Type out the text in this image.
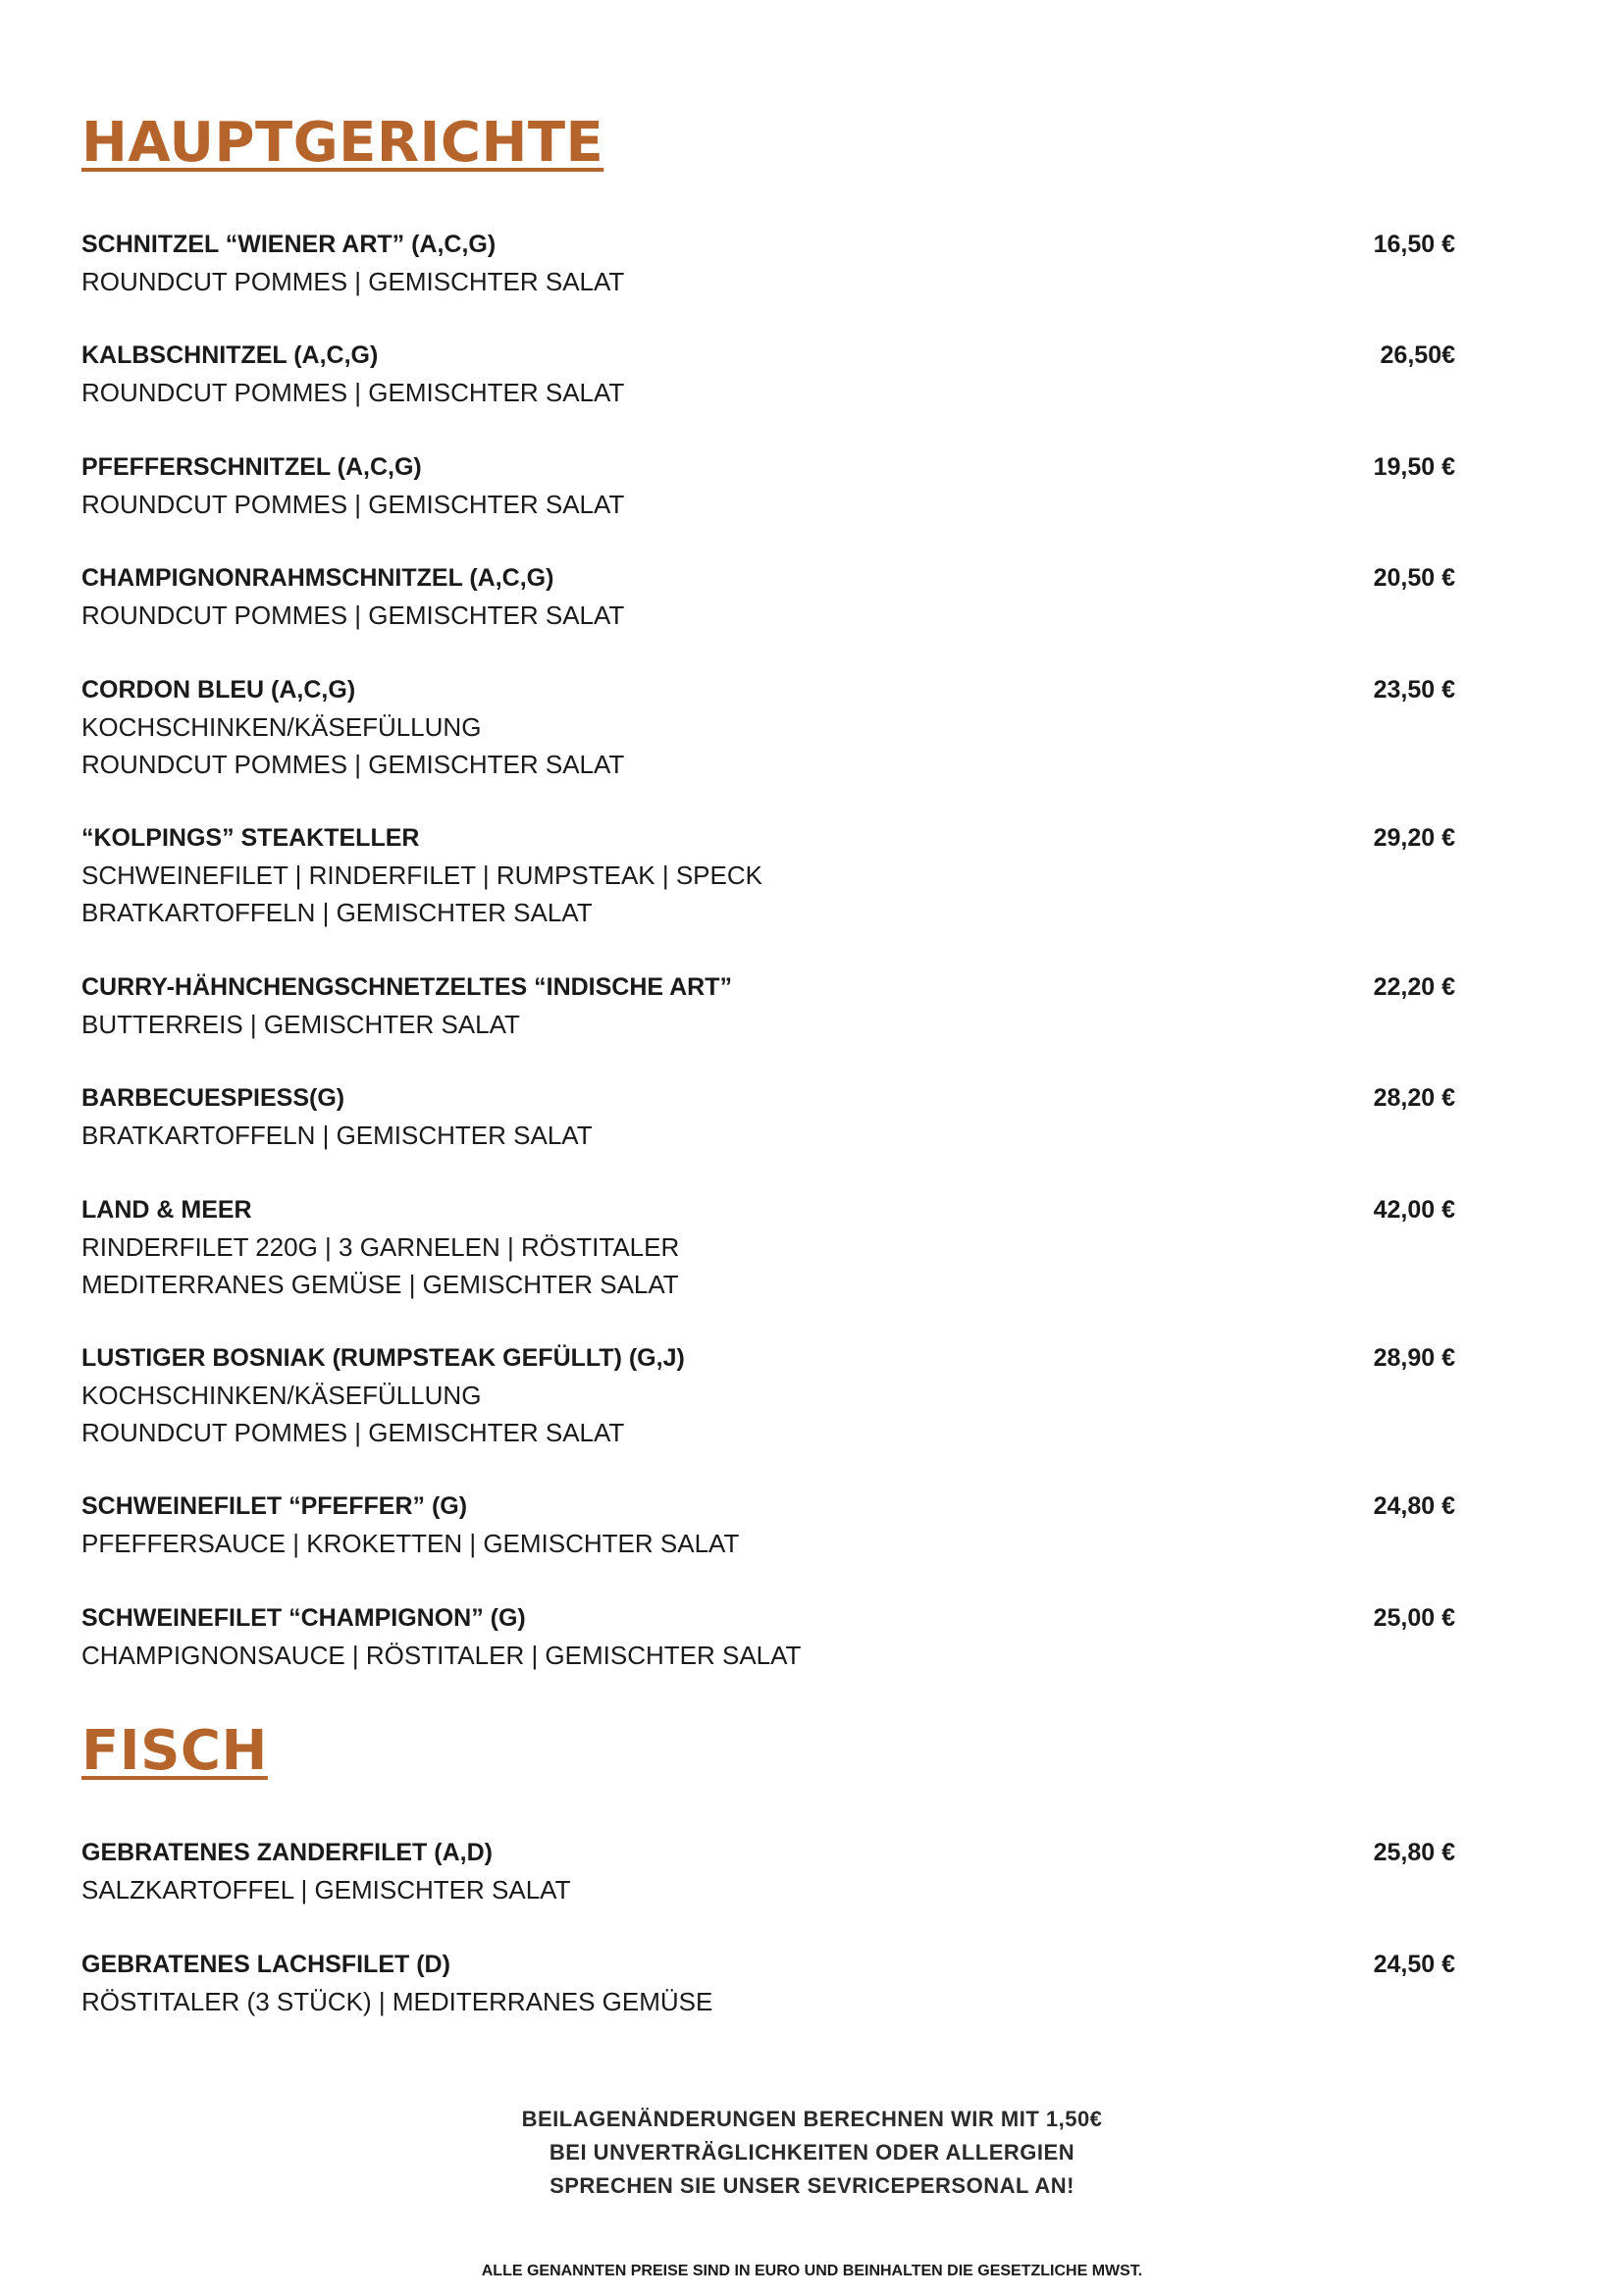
HAUPTGERICHTE
SCHNITZEL “WIENER ART” (A,C,G)	16,50 €
ROUNDCUT POMMES | GEMISCHTER SALAT
KALBSCHNITZEL (A,C,G)	26,50€
ROUNDCUT POMMES | GEMISCHTER SALAT
PFEFFERSCHNITZEL (A,C,G)	19,50 €
ROUNDCUT POMMES | GEMISCHTER SALAT
CHAMPIGNONRAHMSCHNITZEL (A,C,G)	20,50 €
ROUNDCUT POMMES | GEMISCHTER SALAT
CORDON BLEU (A,C,G)	23,50 €
KOCHSCHINKEN/KÄSEFÜLLUNG
ROUNDCUT POMMES | GEMISCHTER SALAT
“KOLPINGS” STEAKTELLER	29,20 €
SCHWEINEFILET | RINDERFILET | RUMPSTEAK | SPECK
BRATKARTOFFELN | GEMISCHTER SALAT
CURRY-HÄHNCHENGSCHNETZELTES “INDISCHE ART”	22,20 €
BUTTERREIS | GEMISCHTER SALAT
BARBECUESPIESS(G)	28,20 €
BRATKARTOFFELN | GEMISCHTER SALAT
LAND & MEER	42,00 €
RINDERFILET 220G | 3 GARNELEN | RÖSTITALER
MEDITERRANES GEMÜSE | GEMISCHTER SALAT
LUSTIGER BOSNIAK (RUMPSTEAK GEFÜLLT) (G,J)	28,90 €
KOCHSCHINKEN/KÄSEFÜLLUNG
ROUNDCUT POMMES | GEMISCHTER SALAT
SCHWEINEFILET “PFEFFER” (G)	24,80 €
PFEFFERSAUCE | KROKETTEN | GEMISCHTER SALAT
SCHWEINEFILET “CHAMPIGNON” (G)	25,00 €
CHAMPIGNONSAUCE | RÖSTITALER | GEMISCHTER SALAT
FISCH
GEBRATENES ZANDERFILET (A,D)	25,80 €
SALZKARTOFFEL | GEMISCHTER SALAT
GEBRATENES LACHSFILET (D)	24,50 €
RÖSTITALER (3 STÜCK) | MEDITERRANES GEMÜSE
BEILAGENÄNDERUNGEN BERECHNEN WIR MIT 1,50€
BEI UNVERTRÄGLICHKEITEN ODER ALLERGIEN
SPRECHEN SIE UNSER SEVRICEPERSONAL AN!
ALLE GENANNTEN PREISE SIND IN EURO UND BEINHALTEN DIE GESETZLICHE MWST.
